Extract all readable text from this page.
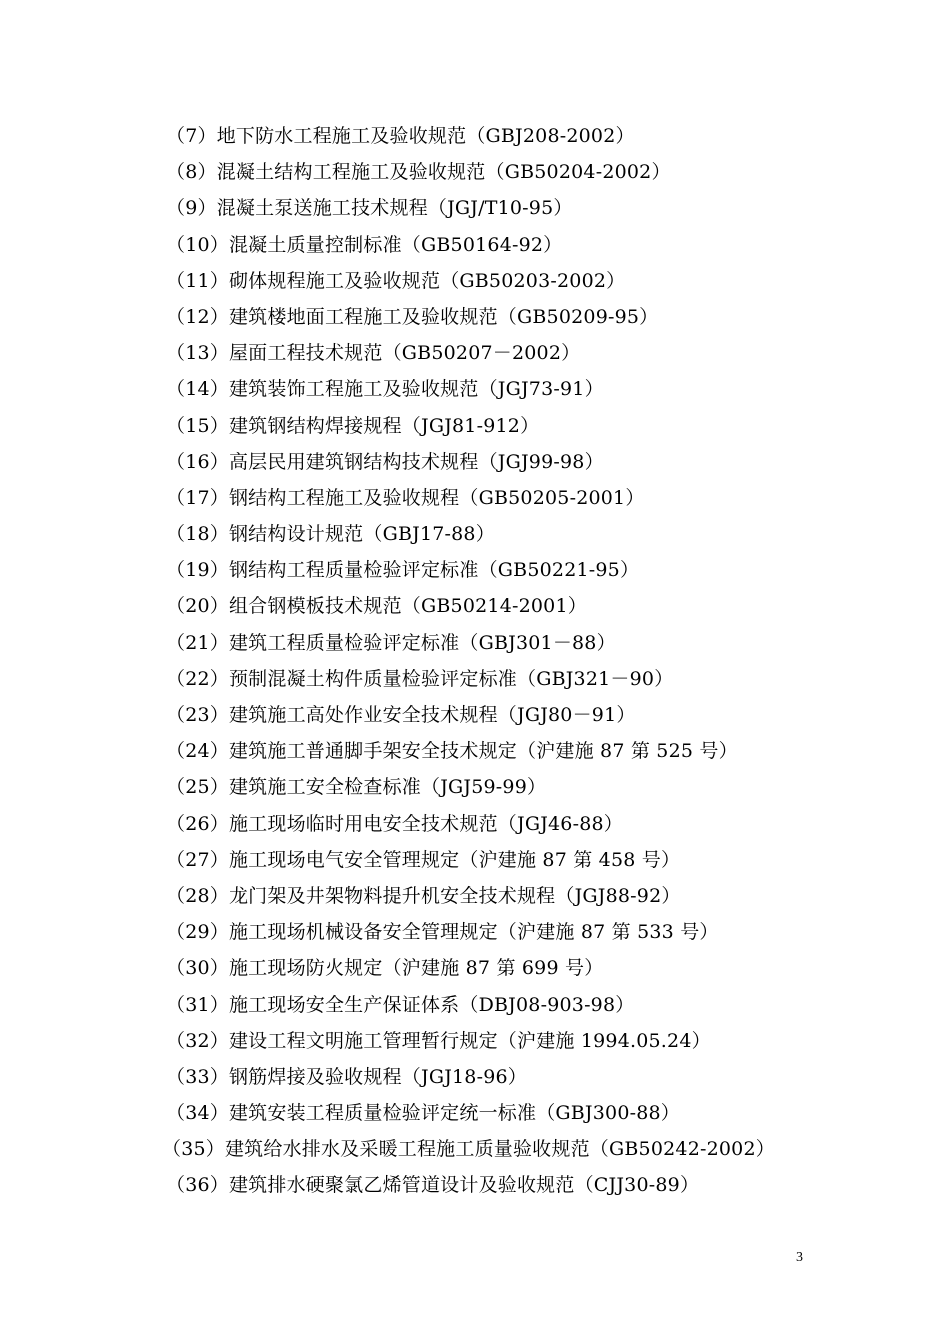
（7）地下防水工程施工及验收规范（GBJ208-2002）
（8）混凝土结构工程施工及验收规范（GB50204-2002）
（9）混凝土泵送施工技术规程（JGJ/T10-95）
（10）混凝土质量控制标准（GB50164-92）
（11）砌体规程施工及验收规范（GB50203-2002）
（12）建筑楼地面工程施工及验收规范（GB50209-95）
（13）屋面工程技术规范（GB50207－2002）
（14）建筑装饰工程施工及验收规范（JGJ73-91）
（15）建筑钢结构焊接规程（JGJ81-912）
（16）高层民用建筑钢结构技术规程（JGJ99-98）
（17）钢结构工程施工及验收规程（GB50205-2001）
（18）钢结构设计规范（GBJ17-88）
（19）钢结构工程质量检验评定标准（GB50221-95）
（20）组合钢模板技术规范（GB50214-2001）
（21）建筑工程质量检验评定标准（GBJ301－88）
（22）预制混凝土构件质量检验评定标准（GBJ321－90）
（23）建筑施工高处作业安全技术规程（JGJ80－91）
（24）建筑施工普通脚手架安全技术规定（沪建施 87 第 525 号）
（25）建筑施工安全检查标准（JGJ59-99）
（26）施工现场临时用电安全技术规范（JGJ46-88）
（27）施工现场电气安全管理规定（沪建施 87 第 458 号）
（28）龙门架及井架物料提升机安全技术规程（JGJ88-92）
（29）施工现场机械设备安全管理规定（沪建施 87 第 533 号）
（30）施工现场防火规定（沪建施 87 第 699 号）
（31）施工现场安全生产保证体系（DBJ08-903-98）
（32）建设工程文明施工管理暂行规定（沪建施 1994.05.24）
（33）钢筋焊接及验收规程（JGJ18-96）
（34）建筑安装工程质量检验评定统一标准（GBJ300-88）
（35）建筑给水排水及采暖工程施工质量验收规范（GB50242-2002）
（36）建筑排水硬聚氯乙烯管道设计及验收规范（CJJ30-89）
3
